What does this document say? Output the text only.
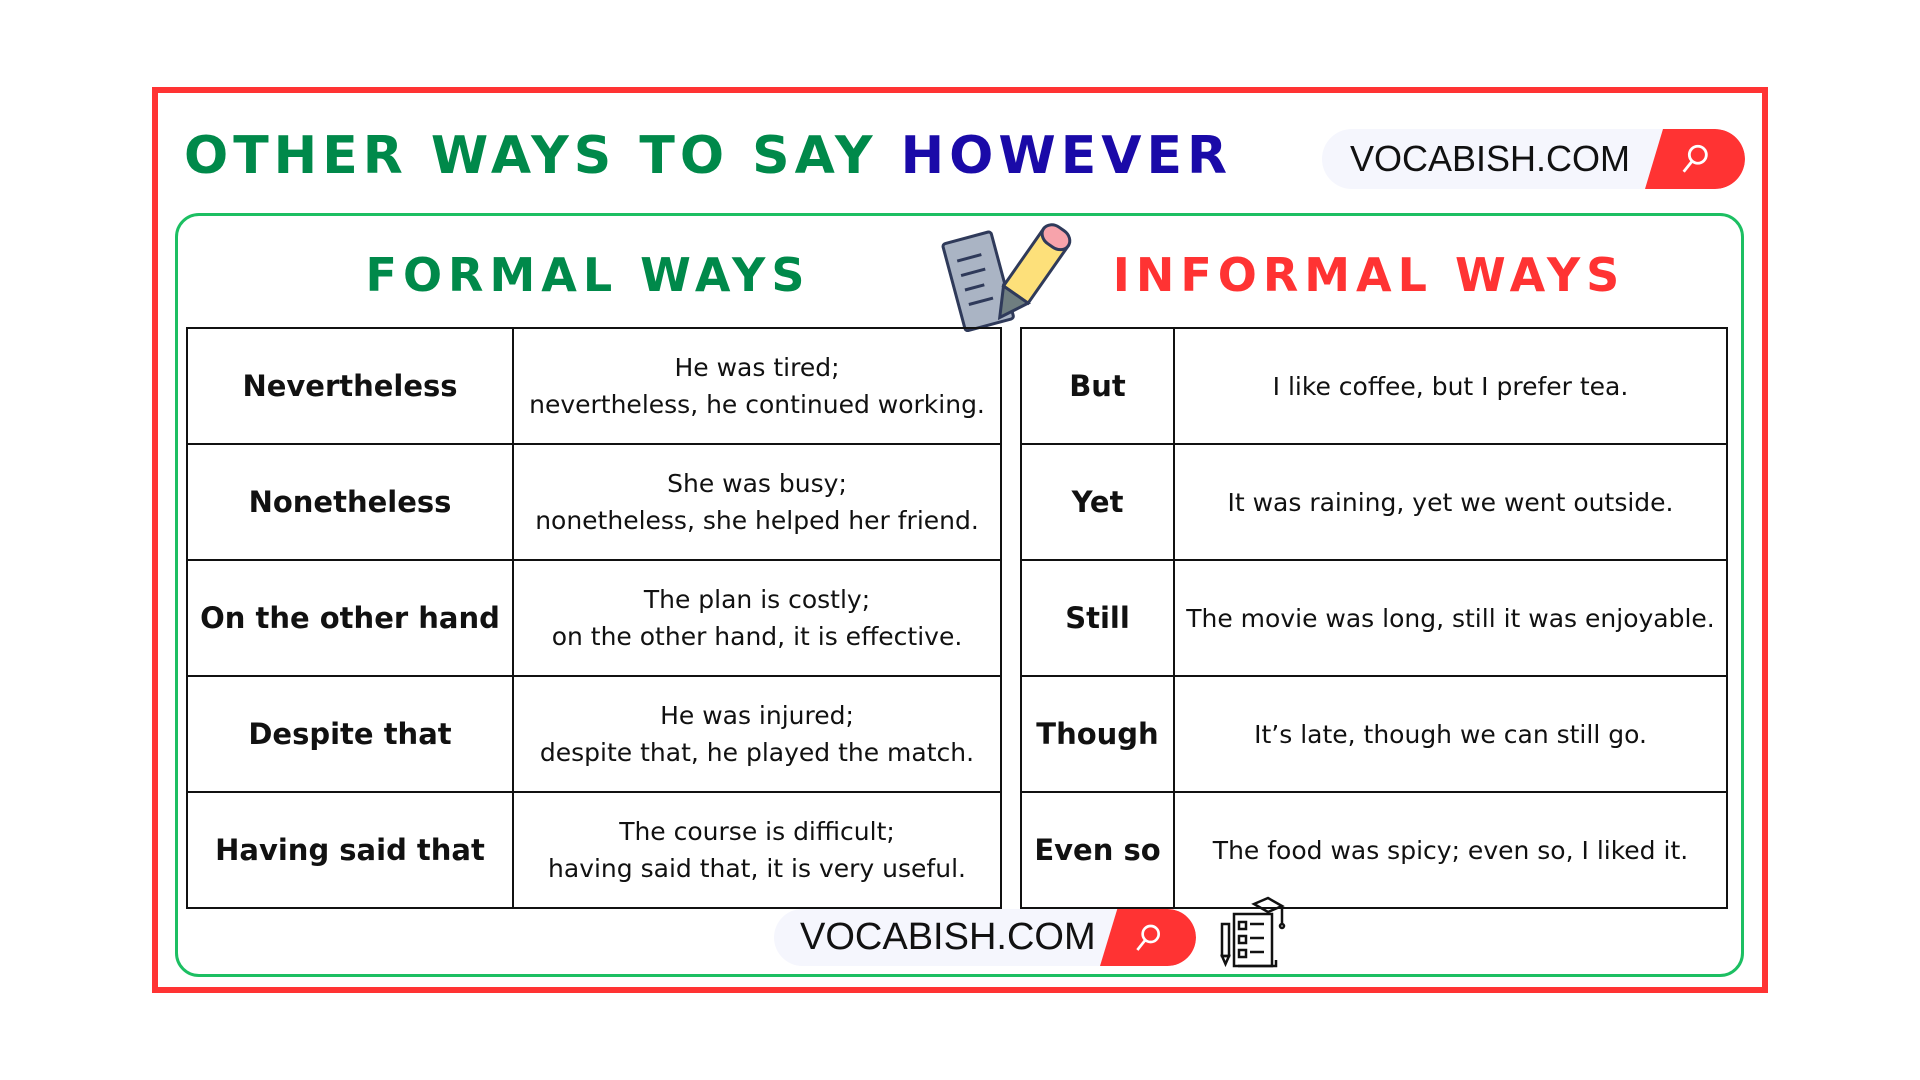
OTHER WAYS TO SAY HOWEVER	VOCABISH.COM
FORMAL WAYS	INFORMAL WAYS
Nevertheless	He was tired;
nevertheless, he continued working.

Nonetheless	She was busy;
nonetheless, she helped her friend.

On the other hand	The plan is costly;
on the other hand, it is effective.

Despite that	He was injured;
despite that, he played the match.

Having said that	The course is difficult;
having said that, it is very useful.
But	I like coffee, but I prefer tea.
Yet	It was raining, yet we went outside.
Still	The movie was long, still it was enjoyable.
Though	It’s late, though we can still go.
Even so	The food was spicy; even so, I liked it.
VOCABISH.COM
